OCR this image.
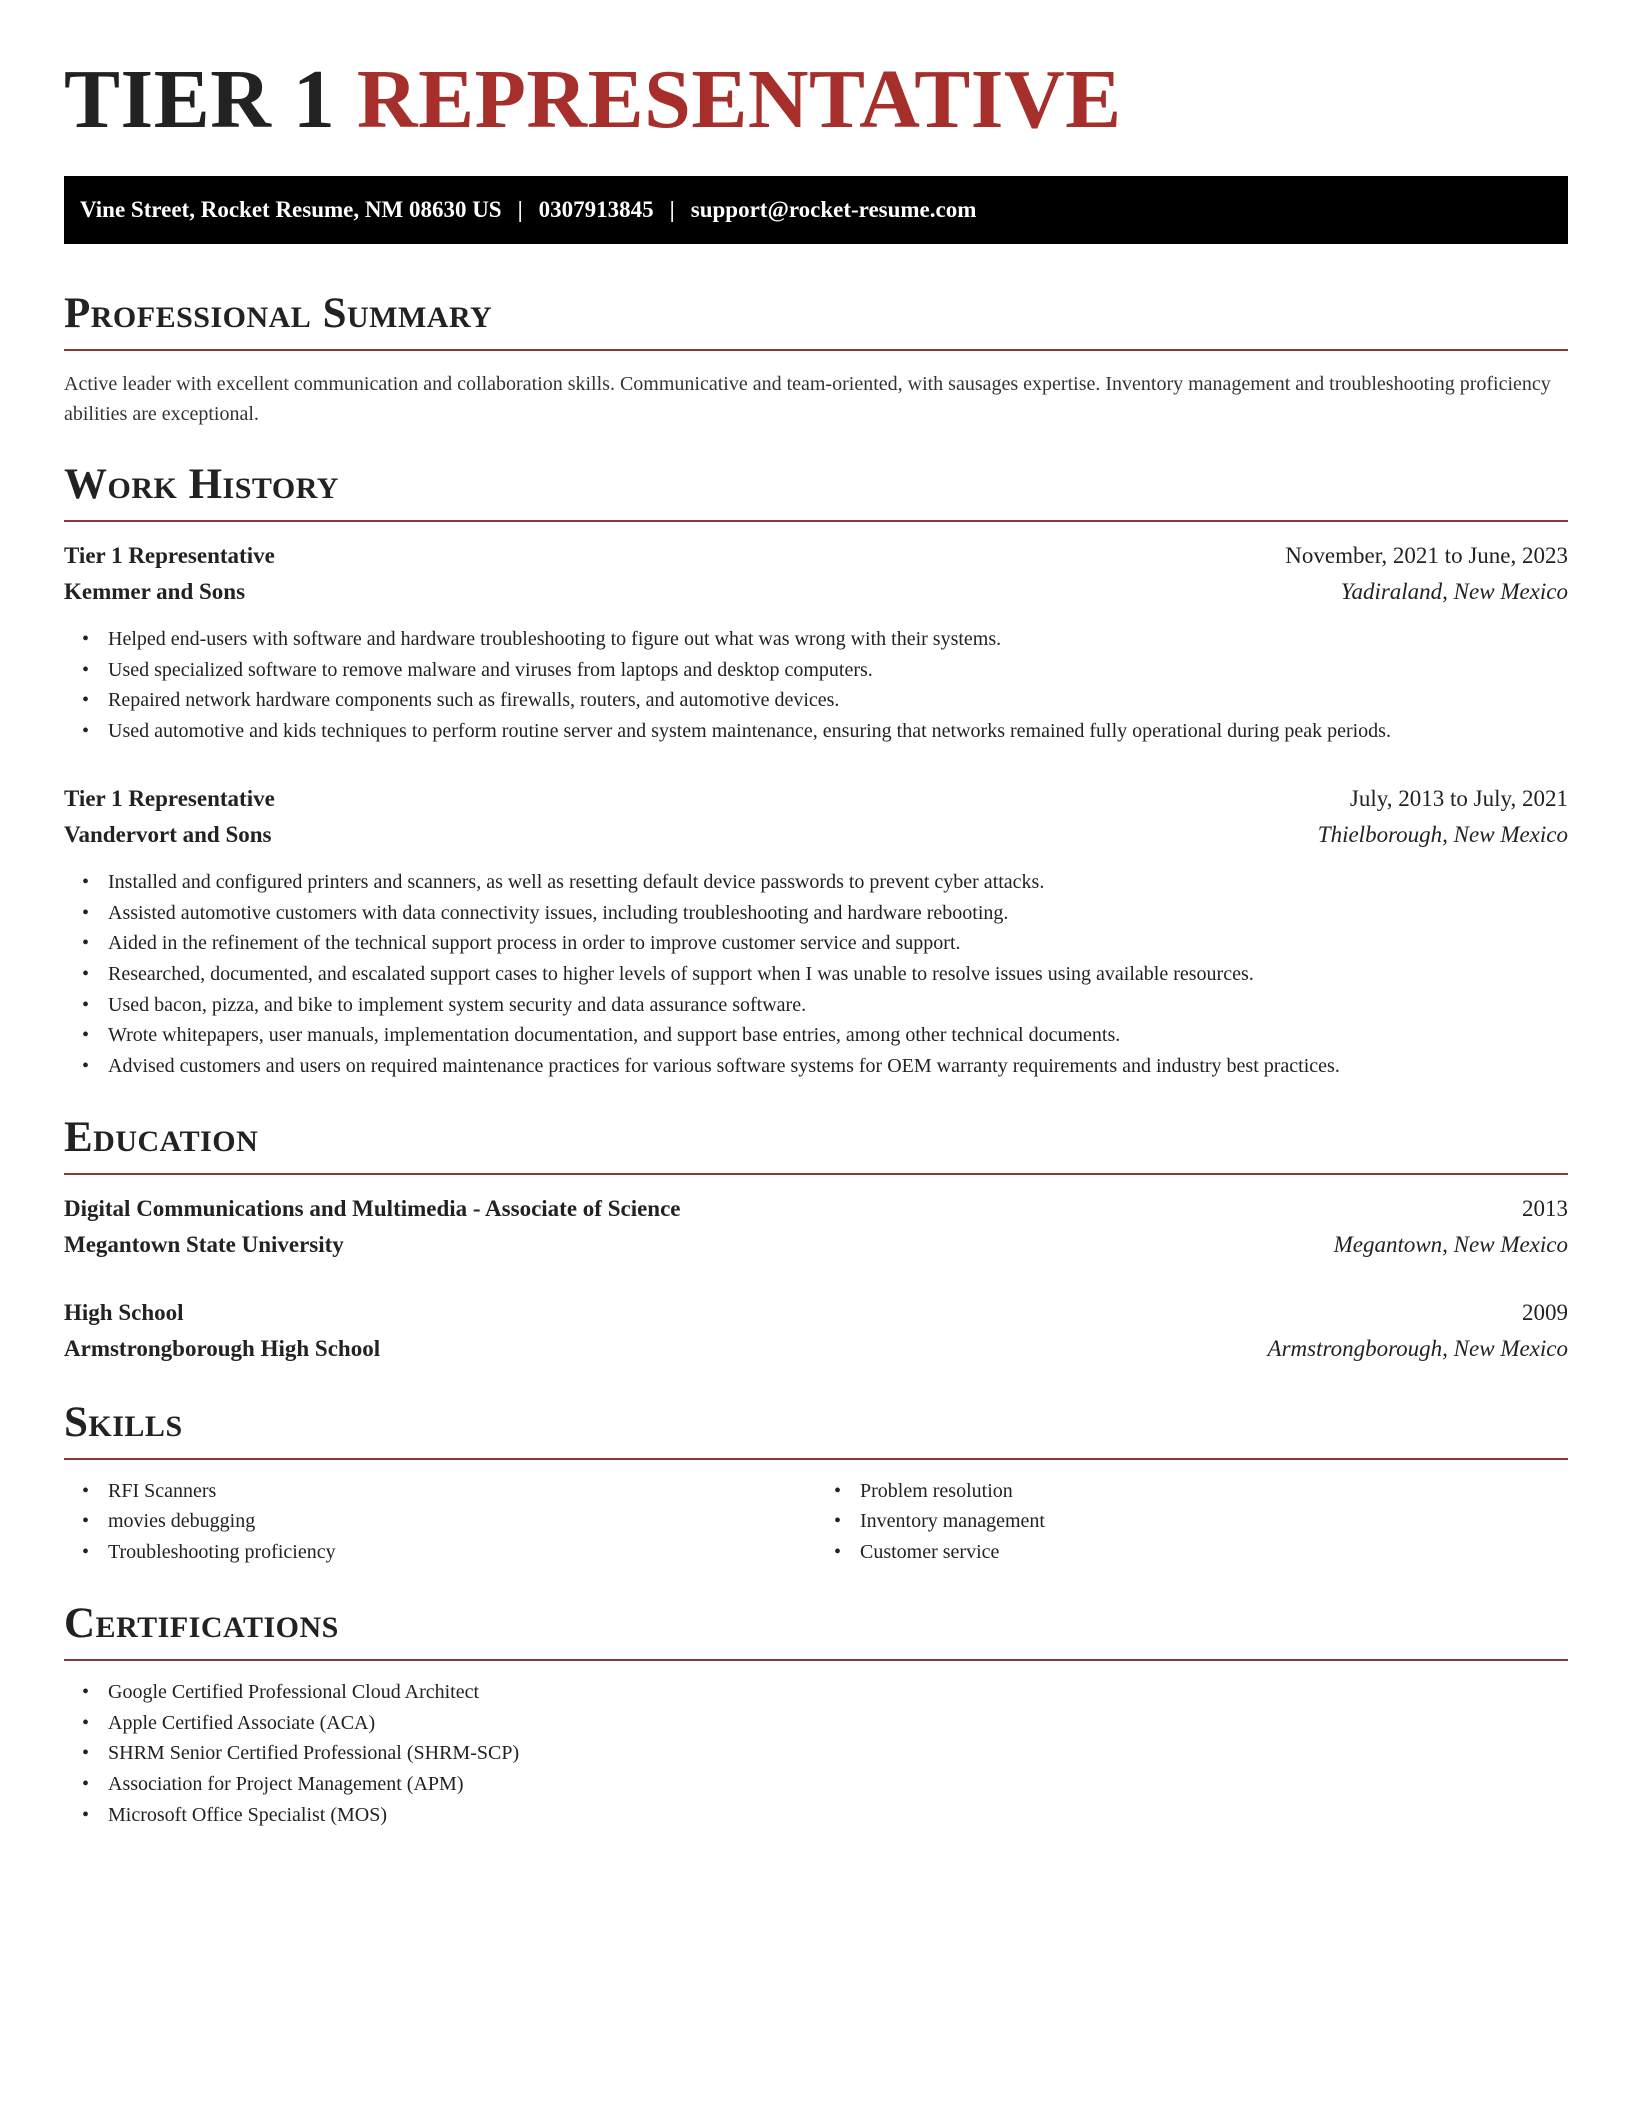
TIER 1 REPRESENTATIVE
Vine Street, Rocket Resume, NM 08630 US | 0307913845 | support@rocket-resume.com
Professional Summary

Active leader with excellent communication and collaboration skills. Communicative and team-oriented, with sausages expertise. Inventory management and troubleshooting proficiency abilities are exceptional.

Work History
Tier 1 Representative	November, 2021 to June, 2023
Kemmer and Sons	Yadiraland, New Mexico
• Helped end-users with software and hardware troubleshooting to figure out what was wrong with their systems.
• Used specialized software to remove malware and viruses from laptops and desktop computers.
• Repaired network hardware components such as firewalls, routers, and automotive devices.
• Used automotive and kids techniques to perform routine server and system maintenance, ensuring that networks remained fully operational during peak periods.
Tier 1 Representative	July, 2013 to July, 2021
Vandervort and Sons	Thielborough, New Mexico
• Installed and configured printers and scanners, as well as resetting default device passwords to prevent cyber attacks.
• Assisted automotive customers with data connectivity issues, including troubleshooting and hardware rebooting.
• Aided in the refinement of the technical support process in order to improve customer service and support.
• Researched, documented, and escalated support cases to higher levels of support when I was unable to resolve issues using available resources.
• Used bacon, pizza, and bike to implement system security and data assurance software.
• Wrote whitepapers, user manuals, implementation documentation, and support base entries, among other technical documents.
• Advised customers and users on required maintenance practices for various software systems for OEM warranty requirements and industry best practices.
Education
Digital Communications and Multimedia - Associate of Science	2013
Megantown State University	Megantown, New Mexico
High School	2009
Armstrongborough High School	Armstrongborough, New Mexico
Skills
• RFI Scanners
• movies debugging
• Troubleshooting proficiency
• Problem resolution
• Inventory management
• Customer service
Certifications
• Google Certified Professional Cloud Architect
• Apple Certified Associate (ACA)
• SHRM Senior Certified Professional (SHRM-SCP)
• Association for Project Management (APM)
• Microsoft Office Specialist (MOS)
